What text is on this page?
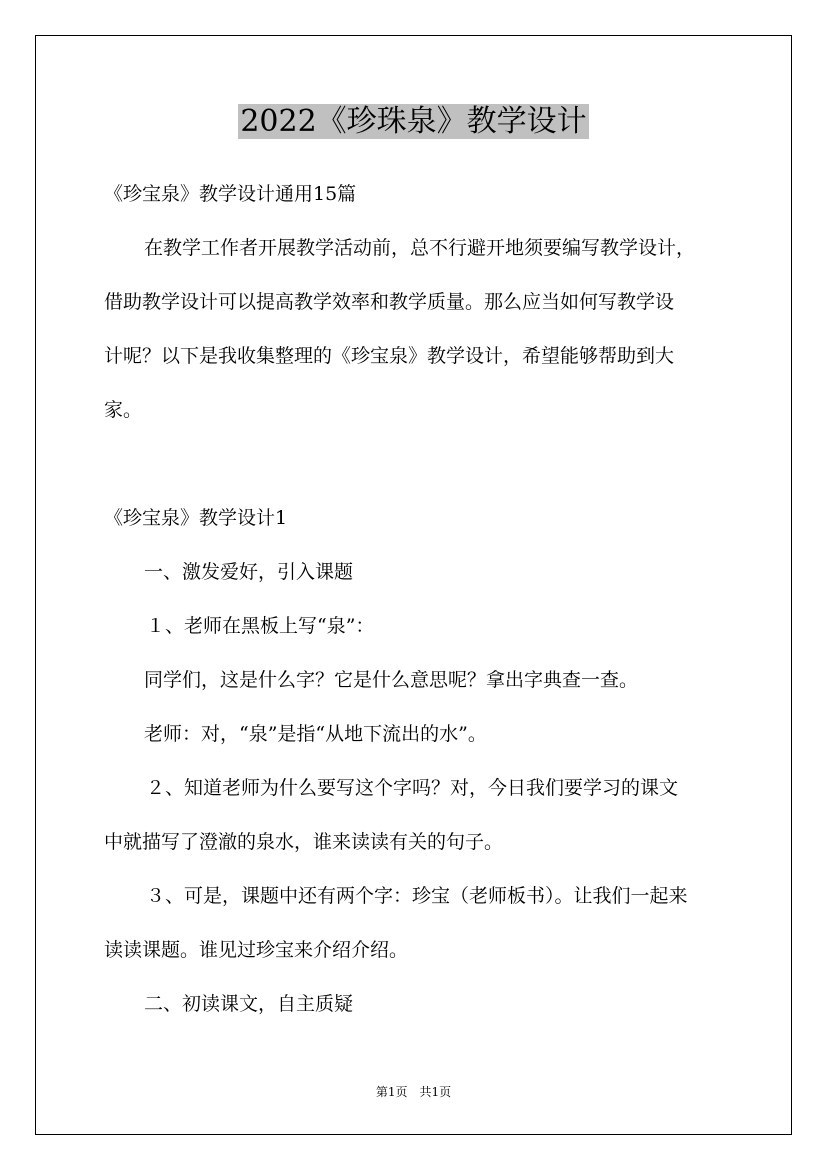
2022《珍珠泉》教学设计
《珍宝泉》教学设计通用15篇
在教学工作者开展教学活动前，总不行避开地须要编写教学设计，
借助教学设计可以提高教学效率和教学质量。那么应当如何写教学设
计呢？以下是我收集整理的《珍宝泉》教学设计，希望能够帮助到大
家。
《珍宝泉》教学设计1
一、激发爱好，引入课题
１、老师在黑板上写“泉”：
同学们，这是什么字？它是什么意思呢？拿出字典查一查。
老师：对，“泉”是指“从地下流出的水”。
２、知道老师为什么要写这个字吗？对，今日我们要学习的课文
中就描写了澄澈的泉水，谁来读读有关的句子。
３、可是，课题中还有两个字：珍宝（老师板书）。让我们一起来
读读课题。谁见过珍宝来介绍介绍。
二、初读课文，自主质疑
第1页　共1页
